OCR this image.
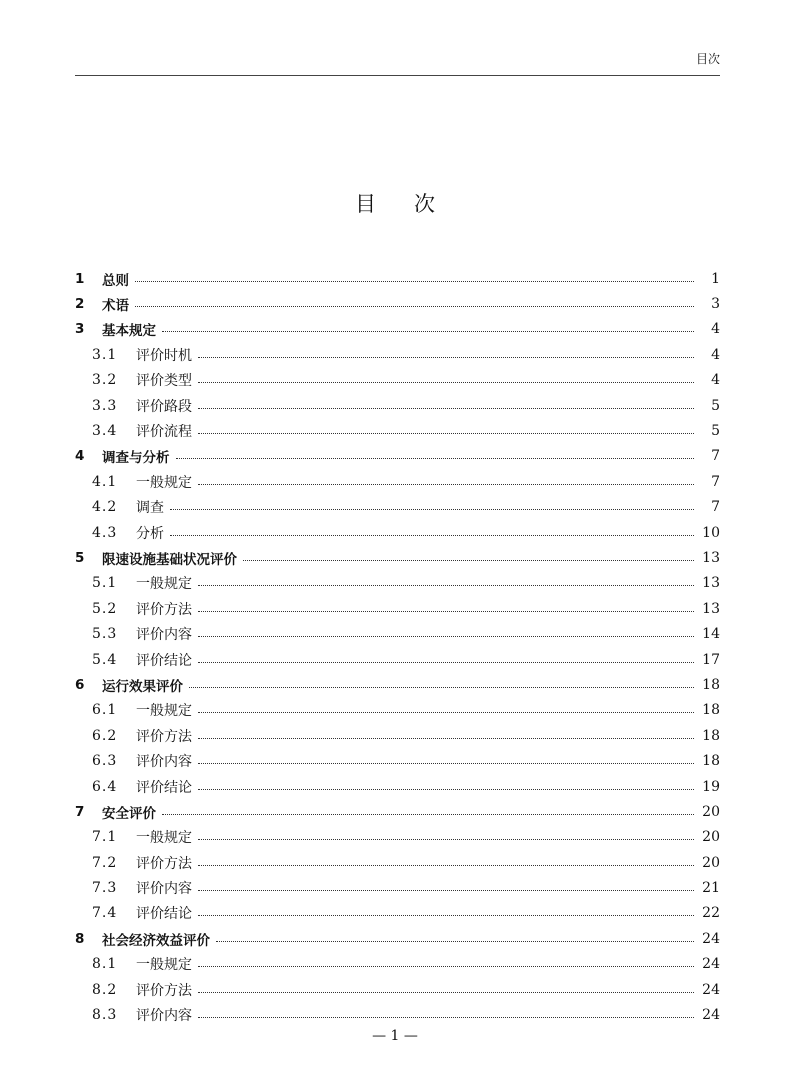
目次
目次
1	总则	1
2	术语	3
3	基本规定	4
3.1	评价时机	4
3.2	评价类型	4
3.3	评价路段	5
3.4	评价流程	5
4	调查与分析	7
4.1	一般规定	7
4.2	调查	7
4.3	分析	10
5	限速设施基础状况评价	13
5.1	一般规定	13
5.2	评价方法	13
5.3	评价内容	14
5.4	评价结论	17
6	运行效果评价	18
6.1	一般规定	18
6.2	评价方法	18
6.3	评价内容	18
6.4	评价结论	19
7	安全评价	20
7.1	一般规定	20
7.2	评价方法	20
7.3	评价内容	21
7.4	评价结论	22
8	社会经济效益评价	24
8.1	一般规定	24
8.2	评价方法	24
8.3	评价内容	24
— 1 —
